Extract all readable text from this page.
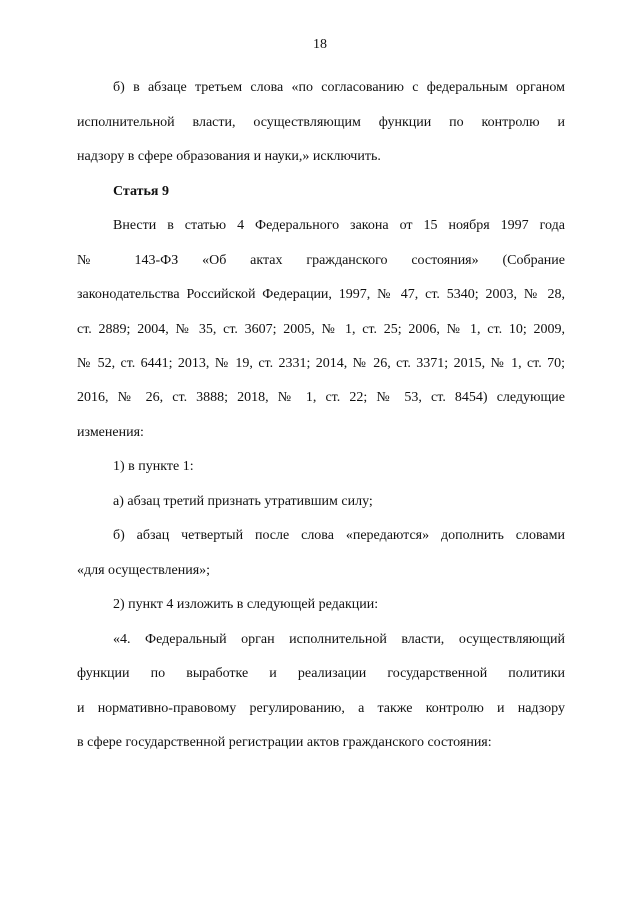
18
б) в абзаце третьем слова «по согласованию с федеральным органом
исполнительной власти, осуществляющим функции по контролю и
надзору в сфере образования и науки,» исключить.
Статья 9
Внести в статью 4 Федерального закона от 15 ноября 1997 года
№ 143-ФЗ «Об актах гражданского состояния» (Собрание
законодательства Российской Федерации, 1997, № 47, ст. 5340; 2003, № 28,
ст. 2889; 2004, № 35, ст. 3607; 2005, № 1, ст. 25; 2006, № 1, ст. 10; 2009,
№ 52, ст. 6441; 2013, № 19, ст. 2331; 2014, № 26, ст. 3371; 2015, № 1, ст. 70;
2016, № 26, ст. 3888; 2018, № 1, ст. 22; № 53, ст. 8454) следующие
изменения:
1) в пункте 1:
а) абзац третий признать утратившим силу;
б) абзац четвертый после слова «передаются» дополнить словами
«для осуществления»;
2) пункт 4 изложить в следующей редакции:
«4. Федеральный орган исполнительной власти, осуществляющий
функции по выработке и реализации государственной политики
и нормативно-правовому регулированию, а также контролю и надзору
в сфере государственной регистрации актов гражданского состояния:
